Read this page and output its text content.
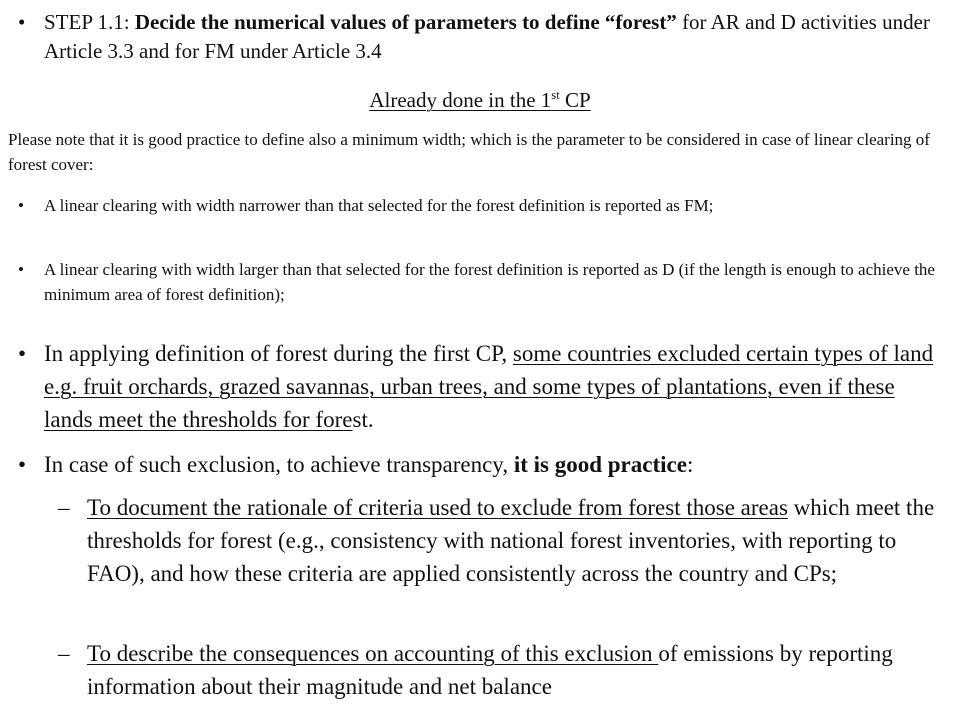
• STEP 1.1: Decide the numerical values of parameters to define “forest” for AR and D activities under Article 3.3 and for FM under Article 3.4
Already done in the 1st CP
Please note that it is good practice to define also a minimum width; which is the parameter to be considered in case of linear clearing of forest cover:
•	A linear clearing with width narrower than that selected for the forest definition is reported as FM;
•	A linear clearing with width larger than that selected for the forest definition is reported as D (if the length is enough to achieve the minimum area of forest definition);
• In applying definition of forest during the first CP, some countries excluded certain types of land e.g. fruit orchards, grazed savannas, urban trees, and some types of plantations, even if these lands meet the thresholds for forest.
• In case of such exclusion, to achieve transparency, it is good practice:
– To document the rationale of criteria used to exclude from forest those areas which meet the thresholds for forest (e.g., consistency with national forest inventories, with reporting to FAO), and how these criteria are applied consistently across the country and CPs;
– To describe the consequences on accounting of this exclusion of emissions by reporting information about their magnitude and net balance
